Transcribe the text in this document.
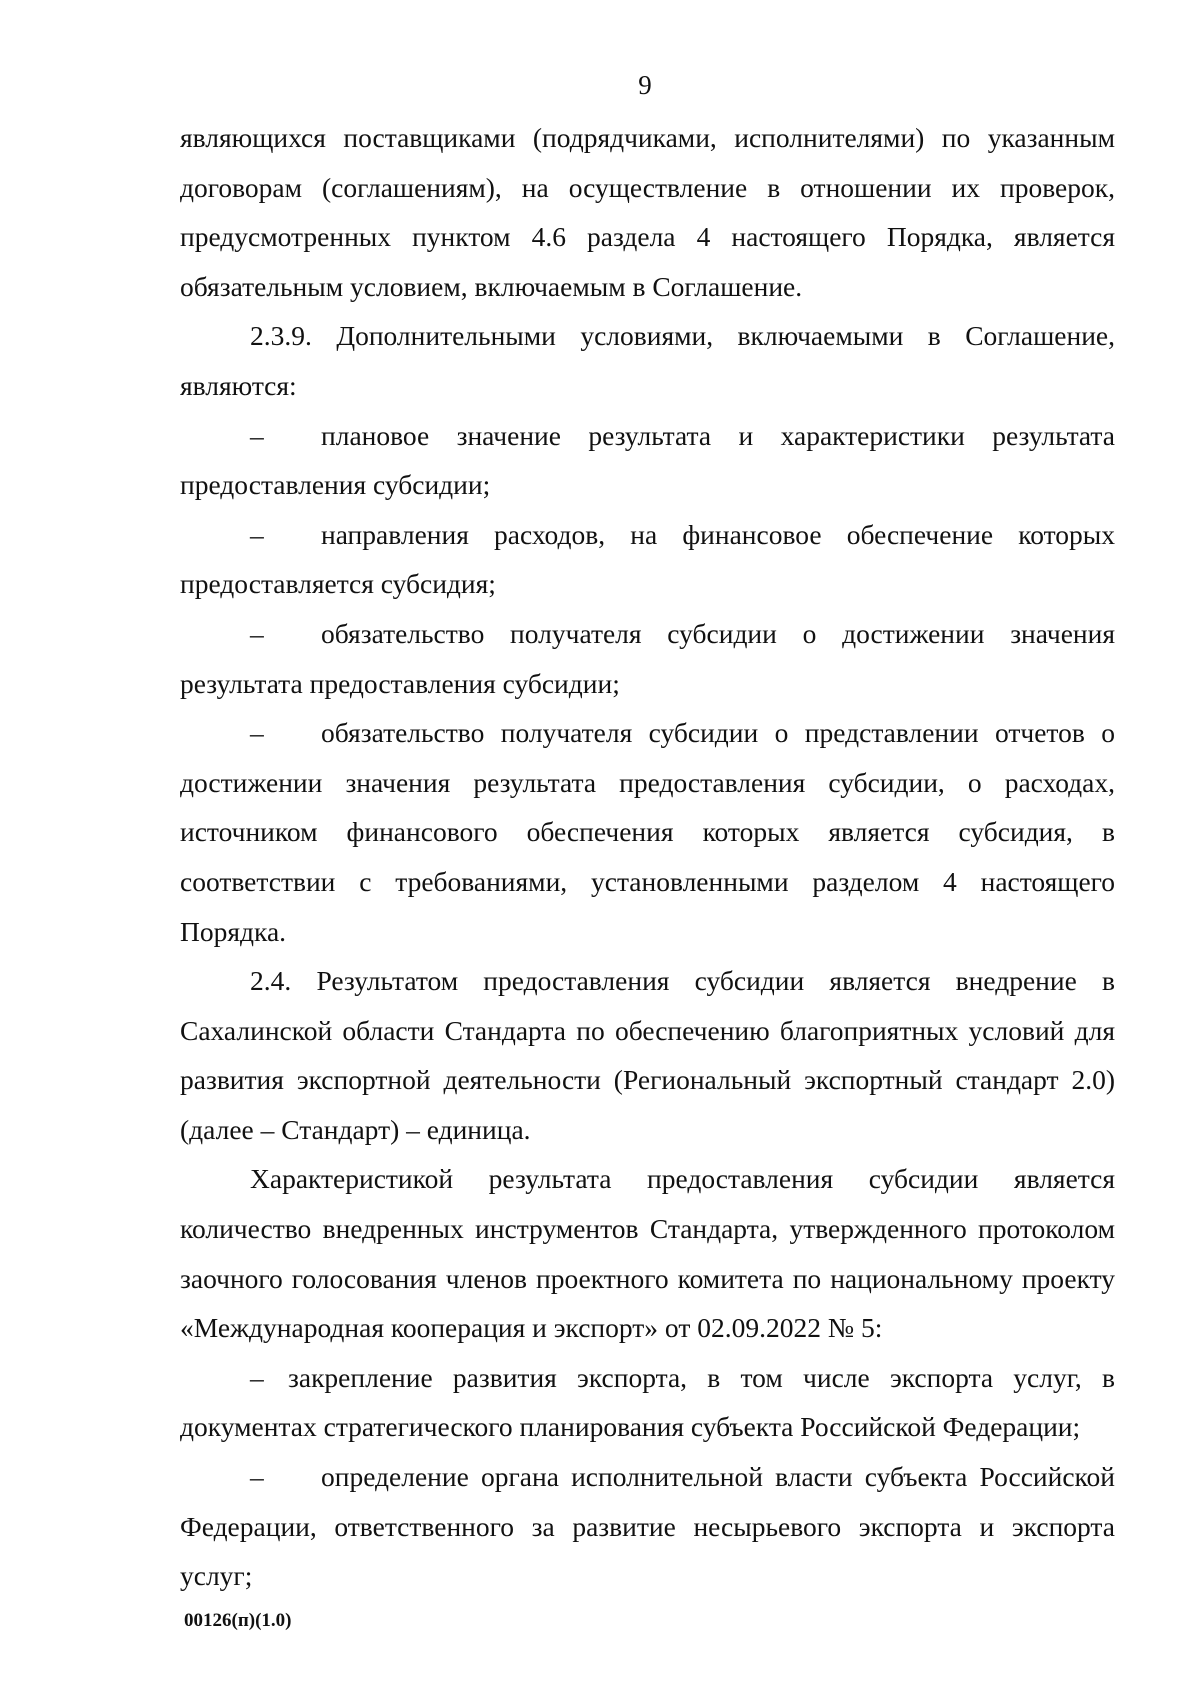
9

являющихся поставщиками (подрядчиками, исполнителями) по указанным договорам (соглашениям), на осуществление в отношении их проверок, предусмотренных пунктом 4.6 раздела 4 настоящего Порядка, является обязательным условием, включаемым в Соглашение.

2.3.9. Дополнительными условиями, включаемыми в Соглашение, являются:

– плановое значение результата и характеристики результата предоставления субсидии;

– направления расходов, на финансовое обеспечение которых предоставляется субсидия;

– обязательство получателя субсидии о достижении значения результата предоставления субсидии;

– обязательство получателя субсидии о представлении отчетов о достижении значения результата предоставления субсидии, о расходах, источником финансового обеспечения которых является субсидия, в соответствии с требованиями, установленными разделом 4 настоящего Порядка.

2.4. Результатом предоставления субсидии является внедрение в Сахалинской области Стандарта по обеспечению благоприятных условий для развития экспортной деятельности (Региональный экспортный стандарт 2.0) (далее – Стандарт) – единица.

Характеристикой результата предоставления субсидии является количество внедренных инструментов Стандарта, утвержденного протоколом заочного голосования членов проектного комитета по национальному проекту «Международная кооперация и экспорт» от 02.09.2022 № 5:

– закрепление развития экспорта, в том числе экспорта услуг, в документах стратегического планирования субъекта Российской Федерации;

– определение органа исполнительной власти субъекта Российской Федерации, ответственного за развитие несырьевого экспорта и экспорта услуг;

00126(п)(1.0)
